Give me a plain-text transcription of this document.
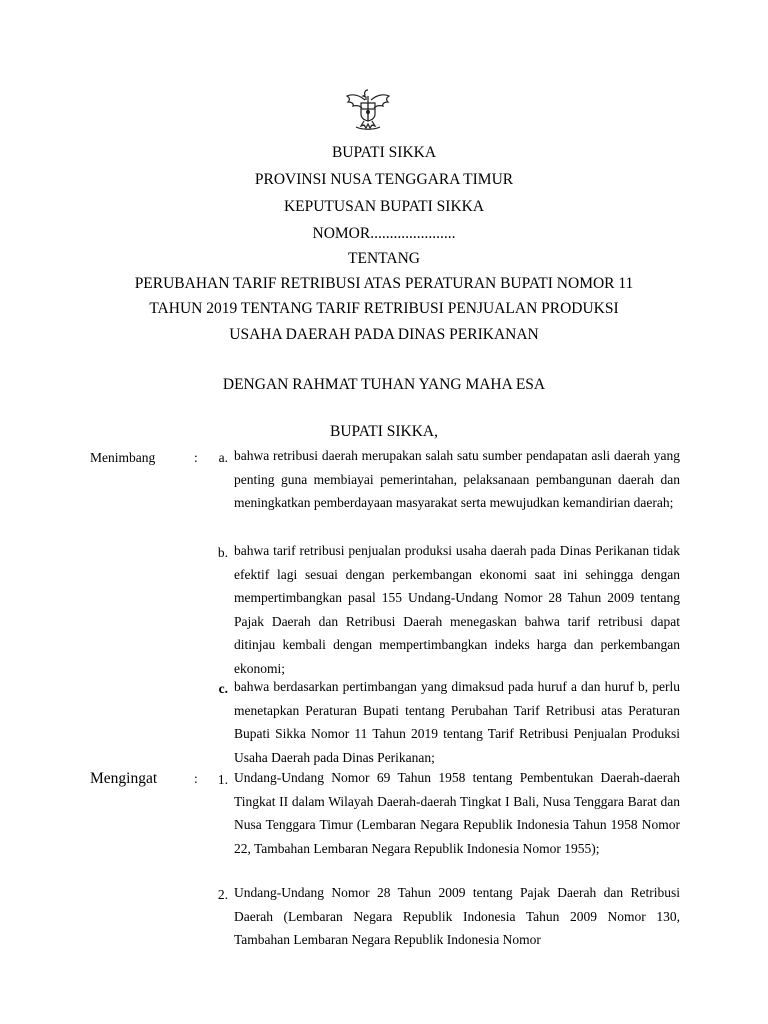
BUPATI SIKKA
PROVINSI NUSA TENGGARA TIMUR
KEPUTUSAN BUPATI SIKKA
NOMOR......................
TENTANG
PERUBAHAN TARIF RETRIBUSI ATAS PERATURAN BUPATI NOMOR 11
TAHUN 2019 TENTANG TARIF RETRIBUSI PENJUALAN PRODUKSI
USAHA DAERAH PADA DINAS PERIKANAN
DENGAN RAHMAT TUHAN YANG MAHA ESA
BUPATI SIKKA,
Menimbang	:	a. bahwa retribusi daerah merupakan salah satu sumber pendapatan asli daerah yang penting guna membiayai pemerintahan, pelaksanaan pembangunan daerah dan meningkatkan pemberdayaan masyarakat serta mewujudkan kemandirian daerah;
b. bahwa tarif retribusi penjualan produksi usaha daerah pada Dinas Perikanan tidak efektif lagi sesuai dengan perkembangan ekonomi saat ini sehingga dengan mempertimbangkan pasal 155 Undang-Undang Nomor 28 Tahun 2009 tentang Pajak Daerah dan Retribusi Daerah menegaskan bahwa tarif retribusi dapat ditinjau kembali dengan mempertimbangkan indeks harga dan perkembangan ekonomi;
c. bahwa berdasarkan pertimbangan yang dimaksud pada huruf a dan huruf b, perlu menetapkan Peraturan Bupati tentang Perubahan Tarif Retribusi atas Peraturan Bupati Sikka Nomor 11 Tahun 2019 tentang Tarif Retribusi Penjualan Produksi Usaha Daerah pada Dinas Perikanan;
Mengingat	:	1. Undang-Undang Nomor 69 Tahun 1958 tentang Pembentukan Daerah-daerah Tingkat II dalam Wilayah Daerah-daerah Tingkat I Bali, Nusa Tenggara Barat dan Nusa Tenggara Timur (Lembaran Negara Republik Indonesia Tahun 1958 Nomor 22, Tambahan Lembaran Negara Republik Indonesia Nomor 1955);
2. Undang-Undang Nomor 28 Tahun 2009 tentang Pajak Daerah dan Retribusi Daerah (Lembaran Negara Republik Indonesia Tahun 2009 Nomor 130, Tambahan Lembaran Negara Republik Indonesia Nomor
